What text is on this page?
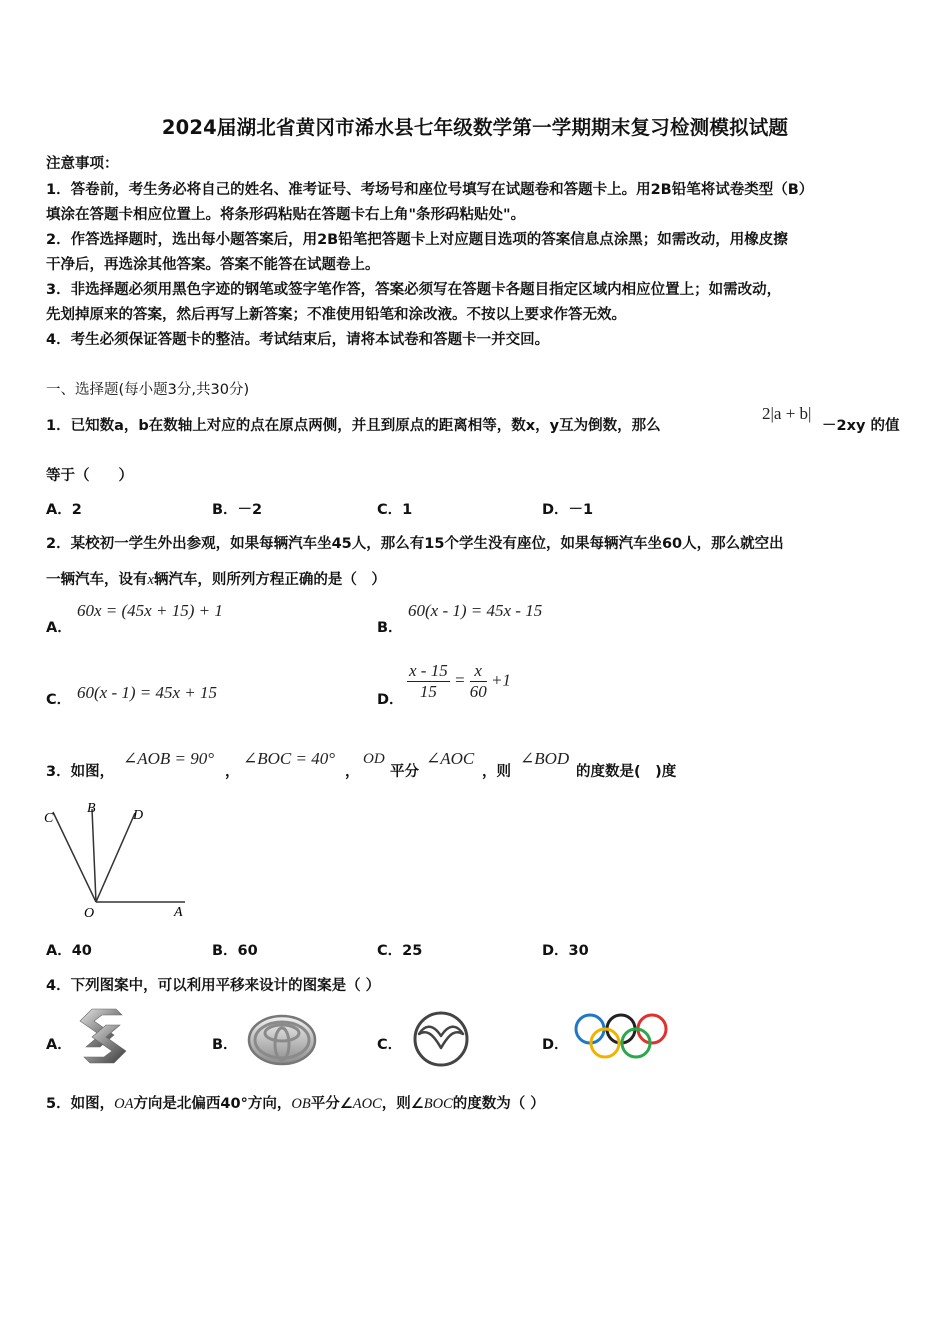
2024届湖北省黄冈市浠水县七年级数学第一学期期末复习检测模拟试题
注意事项：
1．答卷前，考生务必将自己的姓名、准考证号、考场号和座位号填写在试题卷和答题卡上。用2B铅笔将试卷类型（B）
填涂在答题卡相应位置上。将条形码粘贴在答题卡右上角"条形码粘贴处"。
2．作答选择题时，选出每小题答案后，用2B铅笔把答题卡上对应题目选项的答案信息点涂黑；如需改动，用橡皮擦
干净后，再选涂其他答案。答案不能答在试题卷上。
3．非选择题必须用黑色字迹的钢笔或签字笔作答，答案必须写在答题卡各题目指定区域内相应位置上；如需改动，
先划掉原来的答案，然后再写上新答案；不准使用铅笔和涂改液。不按以上要求作答无效。
4．考生必须保证答题卡的整洁。考试结束后，请将本试卷和答题卡一并交回。
一、选择题(每小题3分,共30分)
1．已知数a，b在数轴上对应的点在原点两侧，并且到原点的距离相等，数x，y互为倒数，那么
2|a + b|
－2xy 的值
等于（　　）
A．2	B．－2	C．1	D．－1
2．某校初一学生外出参观，如果每辆汽车坐45人，那么有15个学生没有座位，如果每辆汽车坐60人，那么就空出
一辆汽车，设有x辆汽车，则所列方程正确的是（　）
A．
60x = (45x + 15) + 1
B．
60(x - 1) = 45x - 15
C． 60(x - 1) = 45x + 15	D． $\frac{x - 15}{15} = \frac{x}{60} +1$
3．如图，
∠AOB = 90°
，
∠BOC = 40°
，
OD
平分
∠AOC
，则
∠BOD
的度数是(　)度
C
B	D
O	A
A．40	B．60	C．25	D．30
4．下列图案中，可以利用平移来设计的图案是（ ）
A．	B．	C．	D．
5．如图，OA方向是北偏西40°方向，OB平分∠AOC，则∠BOC的度数为（ ）
